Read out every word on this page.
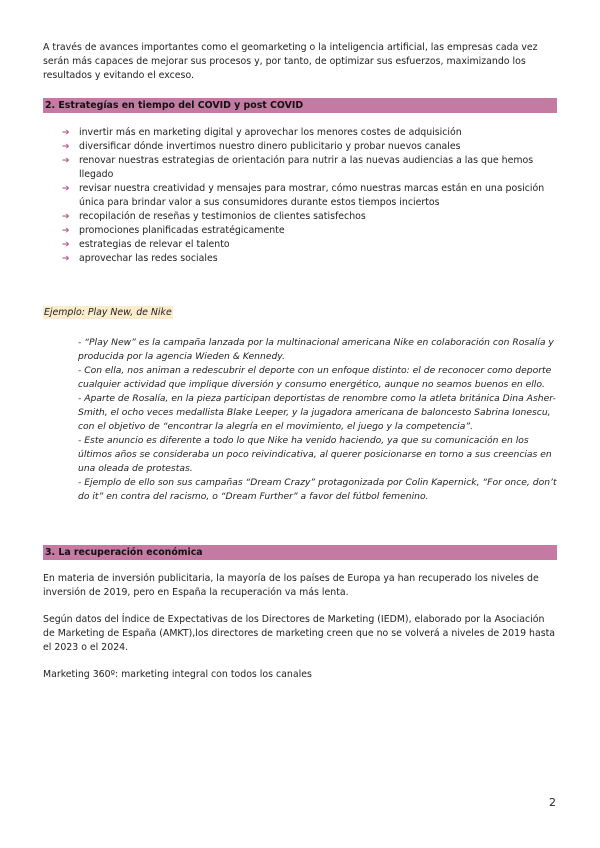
A través de avances importantes como el geomarketing o la inteligencia artificial, las empresas cada vez serán más capaces de mejorar sus procesos y, por tanto, de optimizar sus esfuerzos, maximizando los resultados y evitando el exceso.

2. Estrategías en tiempo del COVID y post COVID
➔ invertir más en marketing digital y aprovechar los menores costes de adquisición
➔ diversificar dónde invertimos nuestro dinero publicitario y probar nuevos canales
➔ renovar nuestras estrategias de orientación para nutrir a las nuevas audiencias a las que hemos llegado
➔ revisar nuestra creatividad y mensajes para mostrar, cómo nuestras marcas están en una posición única para brindar valor a sus consumidores durante estos tiempos inciertos
➔ recopilación de reseñas y testimonios de clientes satisfechos
➔ promociones planificadas estratégicamente
➔ estrategias de relevar el talento
➔ aprovechar las redes sociales
Ejemplo: Play New, de Nike
- “Play New” es la campaña lanzada por la multinacional americana Nike en colaboración con Rosalía y producida por la agencia Wieden & Kennedy.
- Con ella, nos animan a redescubrir el deporte con un enfoque distinto: el de reconocer como deporte cualquier actividad que implique diversión y consumo energético, aunque no seamos buenos en ello.
- Aparte de Rosalía, en la pieza participan deportistas de renombre como la atleta británica Dina Asher-Smith, el ocho veces medallista Blake Leeper, y la jugadora americana de baloncesto Sabrina Ionescu, con el objetivo de “encontrar la alegría en el movimiento, el juego y la competencia”.
- Este anuncio es diferente a todo lo que Nike ha venido haciendo, ya que su comunicación en los últimos años se consideraba un poco reivindicativa, al querer posicionarse en torno a sus creencias en una oleada de protestas.
- Ejemplo de ello son sus campañas “Dream Crazy” protagonizada por Colin Kapernick, “For once, don’t do it” en contra del racismo, o “Dream Further” a favor del fútbol femenino.
3. La recuperación económica

En materia de inversión publicitaria, la mayoría de los países de Europa ya han recuperado los niveles de inversión de 2019, pero en España la recuperación va más lenta.

Según datos del Índice de Expectativas de los Directores de Marketing (IEDM), elaborado por la Asociación de Marketing de España (AMKT),los directores de marketing creen que no se volverá a niveles de 2019 hasta el 2023 o el 2024.

Marketing 360º: marketing integral con todos los canales

2
